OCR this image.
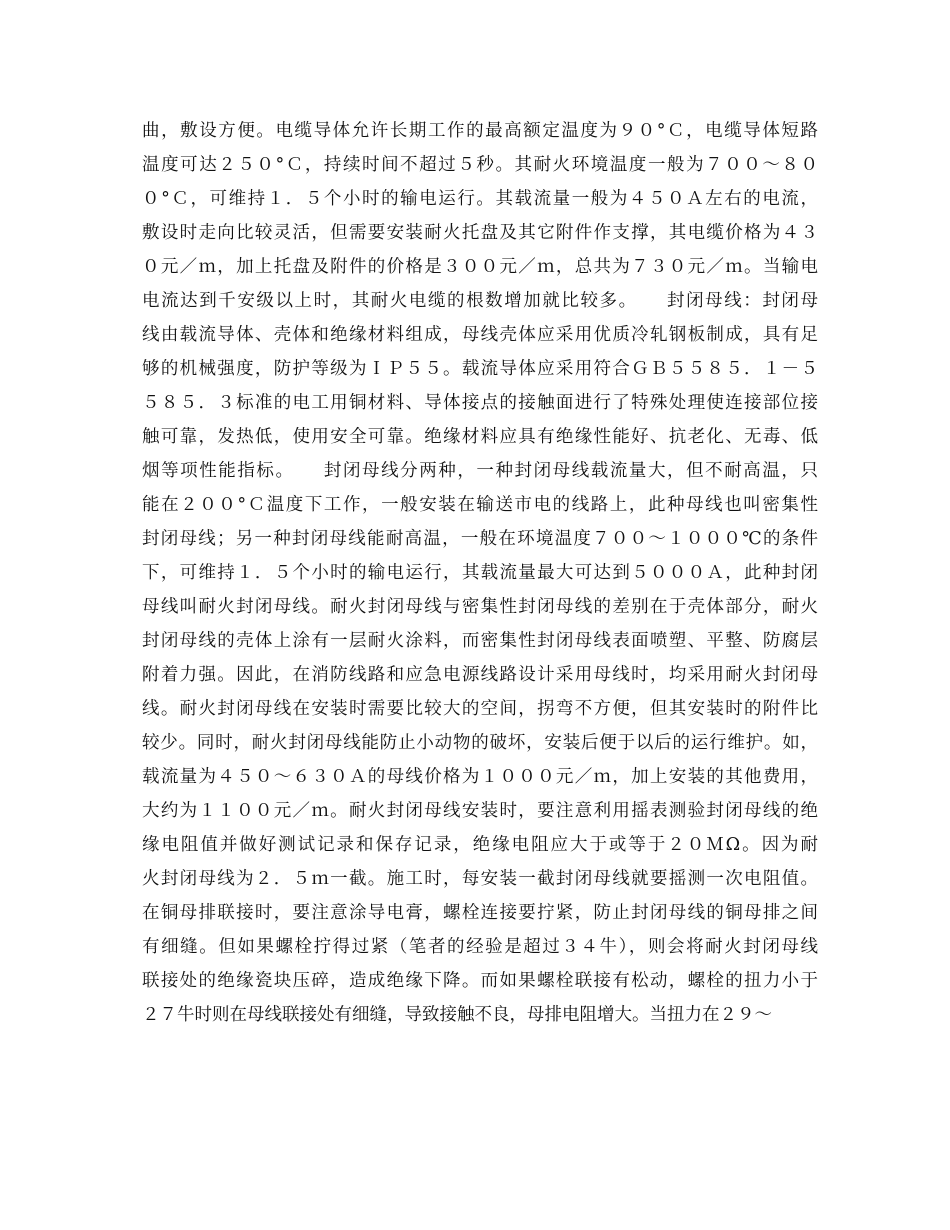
曲，敷设方便。电缆导体允许长期工作的最高额定温度为９０°Ｃ，电缆导体短路
温度可达２５０°Ｃ，持续时间不超过５秒。其耐火环境温度一般为７００～８０
０°Ｃ，可维持１．５个小时的输电运行。其载流量一般为４５０Ａ左右的电流，
敷设时走向比较灵活，但需要安装耐火托盘及其它附件作支撑，其电缆价格为４３
０元／ｍ，加上托盘及附件的价格是３００元／ｍ，总共为７３０元／ｍ。当输电
电流达到千安级以上时，其耐火电缆的根数增加就比较多。　　封闭母线：封闭母
线由载流导体、壳体和绝缘材料组成，母线壳体应采用优质冷轧钢板制成，具有足
够的机械强度，防护等级为ＩＰ５５。载流导体应采用符合ＧＢ５５８５．１－５
５８５．３标准的电工用铜材料、导体接点的接触面进行了特殊处理使连接部位接
触可靠，发热低，使用安全可靠。绝缘材料应具有绝缘性能好、抗老化、无毒、低
烟等项性能指标。　　封闭母线分两种，一种封闭母线载流量大，但不耐高温，只
能在２００°Ｃ温度下工作，一般安装在输送市电的线路上，此种母线也叫密集性
封闭母线；另一种封闭母线能耐高温，一般在环境温度７００～１０００℃的条件
下，可维持１．５个小时的输电运行，其载流量最大可达到５０００Ａ，此种封闭
母线叫耐火封闭母线。耐火封闭母线与密集性封闭母线的差别在于壳体部分，耐火
封闭母线的壳体上涂有一层耐火涂料，而密集性封闭母线表面喷塑、平整、防腐层
附着力强。因此，在消防线路和应急电源线路设计采用母线时，均采用耐火封闭母
线。耐火封闭母线在安装时需要比较大的空间，拐弯不方便，但其安装时的附件比
较少。同时，耐火封闭母线能防止小动物的破坏，安装后便于以后的运行维护。如，
载流量为４５０～６３０Ａ的母线价格为１０００元／ｍ，加上安装的其他费用，
大约为１１００元／ｍ。耐火封闭母线安装时，要注意利用摇表测验封闭母线的绝
缘电阻值并做好测试记录和保存记录，绝缘电阻应大于或等于２０ＭΩ。因为耐
火封闭母线为２．５ｍ一截。施工时，每安装一截封闭母线就要摇测一次电阻值。
在铜母排联接时，要注意涂导电膏，螺栓连接要拧紧，防止封闭母线的铜母排之间
有细缝。但如果螺栓拧得过紧（笔者的经验是超过３４牛），则会将耐火封闭母线
联接处的绝缘瓷块压碎，造成绝缘下降。而如果螺栓联接有松动，螺栓的扭力小于
２７牛时则在母线联接处有细缝，导致接触不良，母排电阻增大。当扭力在２９～
